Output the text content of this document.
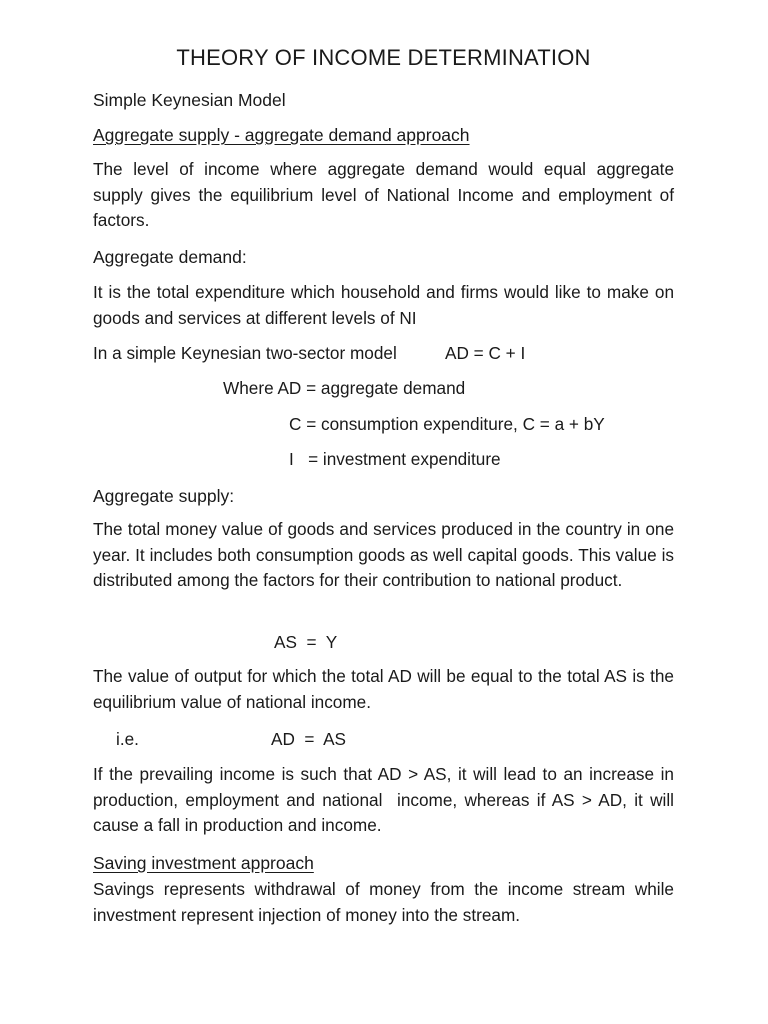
THEORY OF INCOME DETERMINATION
Simple Keynesian Model
Aggregate supply - aggregate demand approach

The level of income where aggregate demand would equal aggregate supply gives the equilibrium level of National Income and employment of factors.

Aggregate demand:

It is the total expenditure which household and firms would like to make on goods and services at different levels of NI

In a simple Keynesian two-sector model	AD = C + I
Where AD = aggregate demand
C = consumption expenditure, C = a + bY
I   = investment expenditure
Aggregate supply:

The total money value of goods and services produced in the country in one year. It includes both consumption goods as well capital goods. This value is distributed among the factors for their contribution to national product.

AS  =  Y

The value of output for which the total AD will be equal to the total AS is the equilibrium value of national income.

i.e.	AD  =  AS

If the prevailing income is such that AD > AS, it will lead to an increase in production, employment and national  income, whereas if AS > AD, it will cause a fall in production and income.

Saving investment approach

Savings represents withdrawal of money from the income stream while investment represent injection of money into the stream.
